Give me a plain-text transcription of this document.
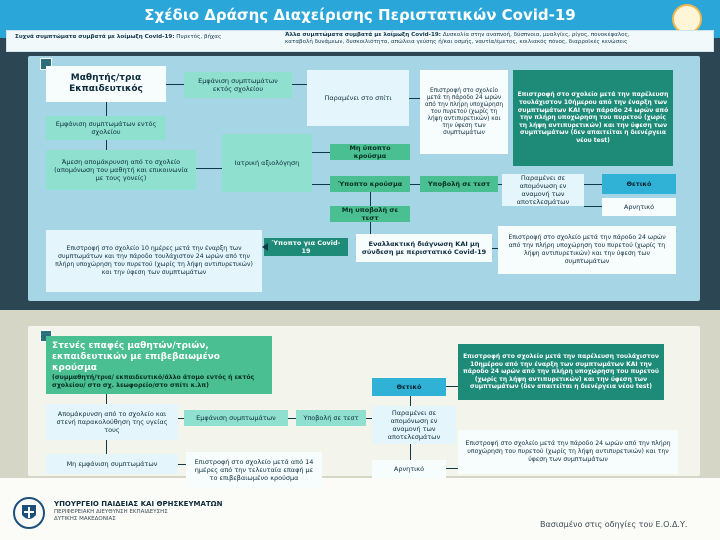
Σχέδιο Δράσης Διαχείρισης Περιστατικών Covid-19
Συχνά συμπτώματα συμβατά με λοίμωξη Covid-19: Πυρετός, βήχας	Άλλα συμπτώματα συμβατά με λοίμωξη Covid-19: Δυσκολία στην αναπνοή, δύσπνοια, μυαλγίες, ρίγος, πονοκέφαλος,
καταβολή δυνάμεων, δυσκοιλιότητα, απώλεια γεύσης ή/και οσμής, ναυτία/έμετος, κοιλιακός πόνος, διαρροϊκές κενώσεις
Μαθητής/τρια Εκπαιδευτικός
Εμφάνιση συμπτωμάτων εκτός σχολείου
Παραμένει στο σπίτι
Επιστροφή στο σχολείο μετά τη πάροδο 24 ωρών από την πλήρη υποχώρηση του πυρετού (χωρίς τη λήψη αντιπυρετικών) και την ύφεση των συμπτωμάτων
Επιστροφή στο σχολείο μετά την παρέλευση τουλάχιστον 10ήμερου από την έναρξη των συμπτωμάτων ΚΑΙ την πάροδο 24 ωρών από την πλήρη υποχώρηση του πυρετού (χωρίς τη λήψη αντιπυρετικών) και την ύφεση των συμπτωμάτων (δεν απαιτείται η διενέργεια νέου test)
Εμφάνιση συμπτωμάτων εντός σχολείου
Άμεση απομάκρυνση από το σχολείο (απομόνωση του μαθητή και επικοινωνία με τους γονείς)
Ιατρική αξιολόγηση
Μη ύποπτο κρούσμα
Ύποπτο κρούσμα	Υποβολή σε τεστ
Παραμένει σε απομόνωση εν αναμονή των αποτελεσμάτων
Θετικό
Αρνητικό
Μη υποβολή σε τεστ
Ύποπτο για Covid-19
Εναλλακτική διάγνωση ΚΑΙ μη σύνδεση με περιστατικό Covid-19
Επιστροφή στο σχολείο 10 ημέρες μετά την έναρξη των συμπτωμάτων και την πάροδο τουλάχιστον 24 ωρών από την πλήρη υποχώρηση του πυρετού (χωρίς τη λήψη αντιπυρετικών) και την ύφεση των συμπτωμάτων
Επιστροφή στο σχολείο μετά την πάροδο 24 ωρών από την πλήρη υποχώρηση του πυρετού (χωρίς τη λήψη αντιπυρετικών) και την ύφεση των συμπτωμάτων
Στενές επαφές μαθητών/τριών, εκπαιδευτικών με επιβεβαιωμένο κρούσμα
(συμμαθητή/τρια/ εκπαιδευτικό/άλλο άτομο εντός ή εκτός σχολείου/ στο σχ. λεωφορείο/στο σπίτι κ.λπ)
Απομάκρυνση από το σχολείο και στενή παρακολούθηση της υγείας τους
Εμφάνιση συμπτωμάτων	Υποβολή σε τεστ
Παραμένει σε απομόνωση εν αναμονή των αποτελεσμάτων
Θετικό
Αρνητικό
Επιστροφή στο σχολείο μετά την παρέλευση τουλάχιστον 10ημέρου από την έναρξη των συμπτωμάτων ΚΑΙ την πάροδο 24 ωρών από την πλήρη υποχώρηση του πυρετού (χωρίς τη λήψη αντιπυρετικών) και την ύφεση των συμπτωμάτων (δεν απαιτείται η διενέργεια νέου test)
Επιστροφή στο σχολείο μετά την πάροδο 24 ωρών από την πλήρη υποχώρηση του πυρετού (χωρίς τη λήψη αντιπυρετικών) και την ύφεση των συμπτωμάτων
Μη εμφάνιση συμπτωμάτων	Επιστροφή στο σχολείο μετά από 14 ημέρες από την τελευταία επαφή με το επιβεβαιωμένο κρούσμα
ΥΠΟΥΡΓΕΙΟ ΠΑΙΔΕΙΑΣ ΚΑΙ ΘΡΗΣΚΕΥΜΑΤΩΝ
ΠΕΡΙΦΕΡΕΙΑΚΗ ΔΙΕΥΘΥΝΣΗ ΕΚΠΑΙΔΕΥΣΗΣ
ΔΥΤΙΚΗΣ ΜΑΚΕΔΟΝΙΑΣ
Βασισμένο στις οδηγίες του Ε.Ο.Δ.Υ.
